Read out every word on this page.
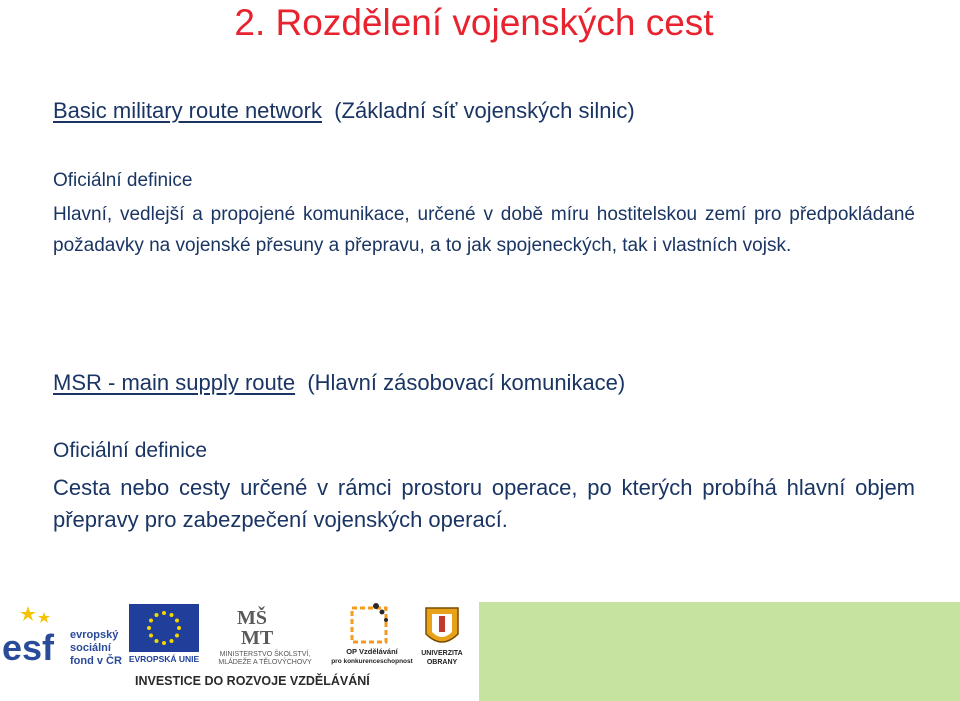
2. Rozdělení vojenských cest
Basic military route network (Základní síť vojenských silnic)
Oficiální definice
Hlavní, vedlejší a propojené komunikace, určené v době míru hostitelskou zemí pro předpokládané požadavky na vojenské přesuny a přepravu, a to jak spojeneckých, tak i vlastních vojsk.
MSR - main supply route (Hlavní zásobovací komunikace)
Oficiální definice
Cesta nebo cesty určené v rámci prostoru operace, po kterých probíhá hlavní objem přepravy pro zabezpečení vojenských operací.
esf evropský
sociální
fond v ČR EVROPSKÁ UNIE
MŠ
MT
MINISTERSTVO ŠKOLSTVÍ,
MLÁDEŽE A TĚLOVÝCHOVY
OP Vzdělávání
pro konkurenceschopnost
UNIVERZITA
OBRANY
INVESTICE DO ROZVOJE VZDĚLÁVÁNÍ
